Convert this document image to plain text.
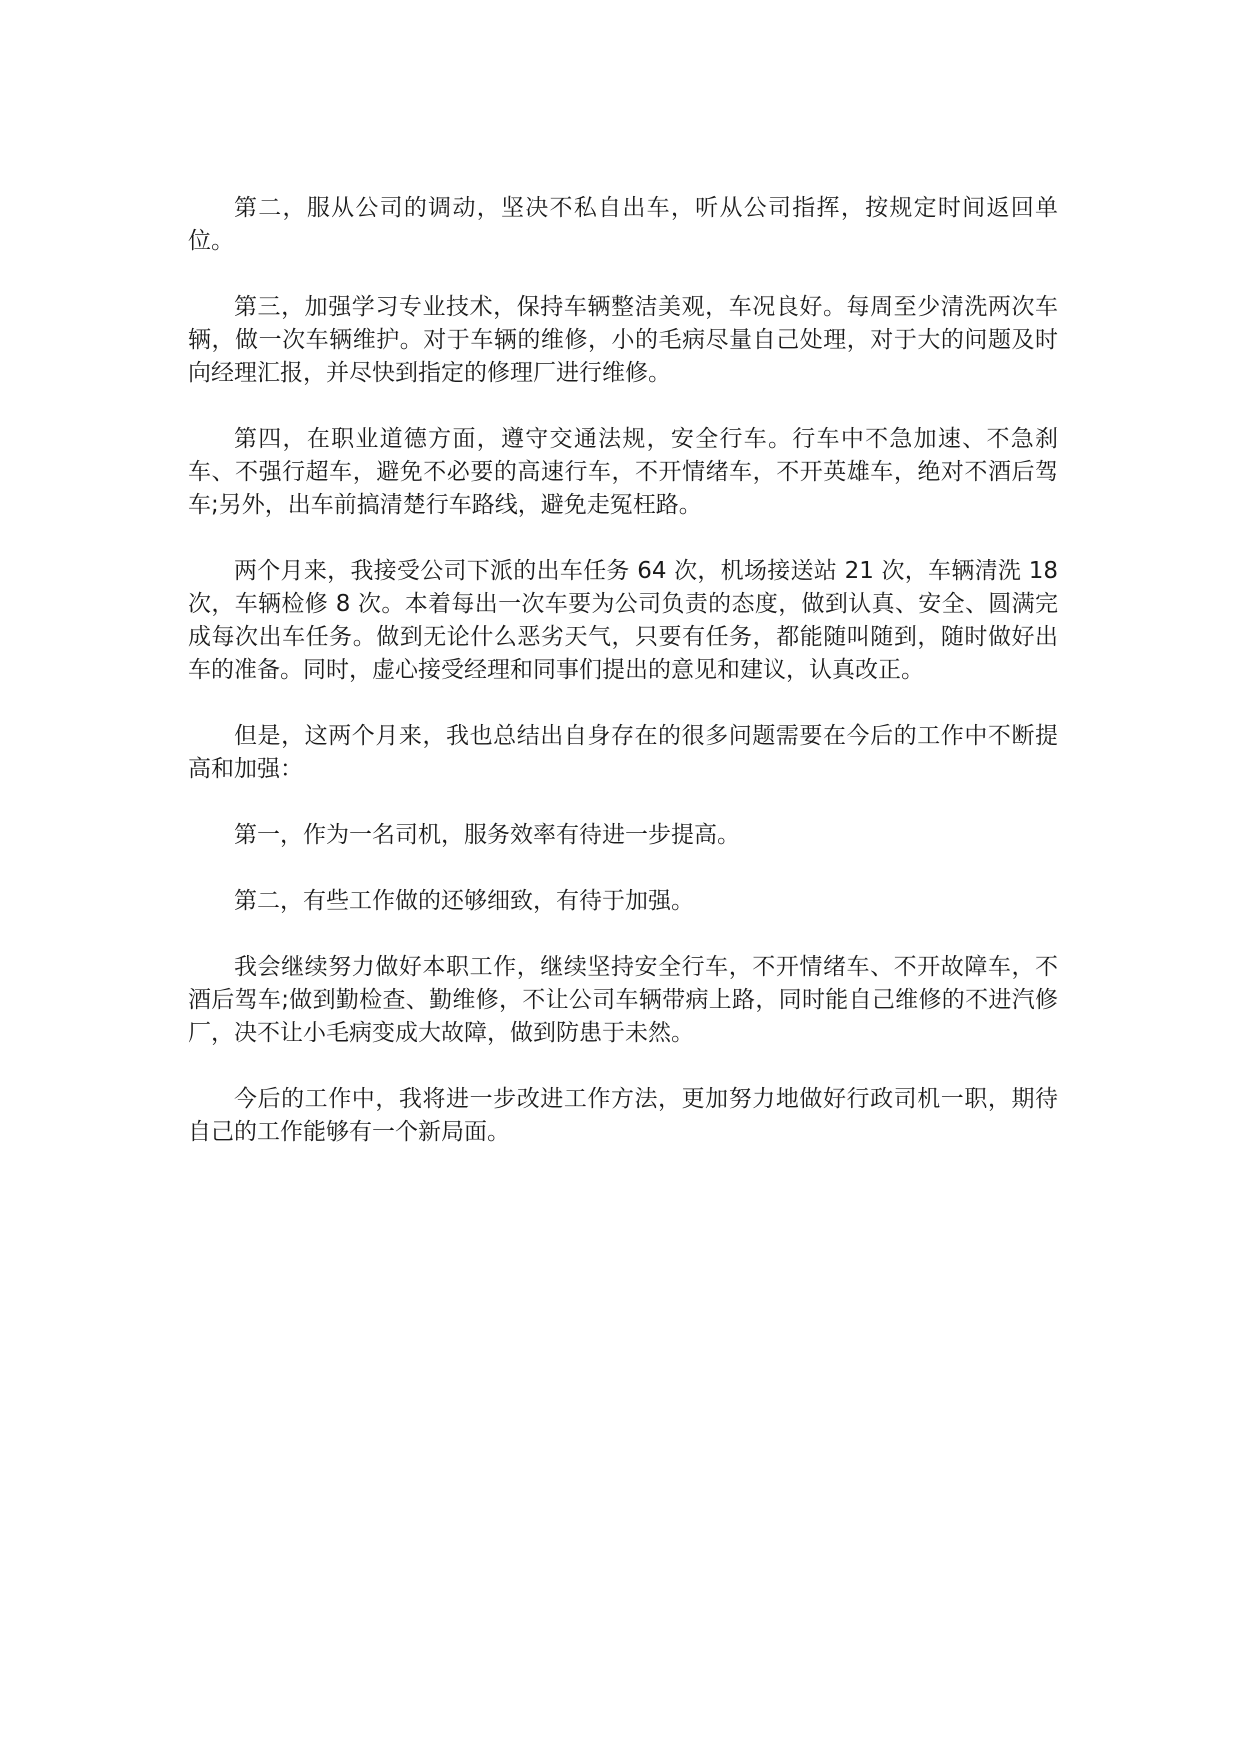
第二，服从公司的调动，坚决不私自出车，听从公司指挥，按规定时间返回单位。

第三，加强学习专业技术，保持车辆整洁美观，车况良好。每周至少清洗两次车辆，做一次车辆维护。对于车辆的维修，小的毛病尽量自己处理，对于大的问题及时向经理汇报，并尽快到指定的修理厂进行维修。

第四，在职业道德方面，遵守交通法规，安全行车。行车中不急加速、不急刹车、不强行超车，避免不必要的高速行车，不开情绪车，不开英雄车，绝对不酒后驾车;另外，出车前搞清楚行车路线，避免走冤枉路。

两个月来，我接受公司下派的出车任务 64 次，机场接送站 21 次，车辆清洗 18 次，车辆检修 8 次。本着每出一次车要为公司负责的态度，做到认真、安全、圆满完成每次出车任务。做到无论什么恶劣天气，只要有任务，都能随叫随到，随时做好出车的准备。同时，虚心接受经理和同事们提出的意见和建议，认真改正。

但是，这两个月来，我也总结出自身存在的很多问题需要在今后的工作中不断提高和加强：

第一，作为一名司机，服务效率有待进一步提高。

第二，有些工作做的还够细致，有待于加强。

我会继续努力做好本职工作，继续坚持安全行车，不开情绪车、不开故障车，不酒后驾车;做到勤检查、勤维修，不让公司车辆带病上路，同时能自己维修的不进汽修厂，决不让小毛病变成大故障，做到防患于未然。

今后的工作中，我将进一步改进工作方法，更加努力地做好行政司机一职，期待自己的工作能够有一个新局面。
